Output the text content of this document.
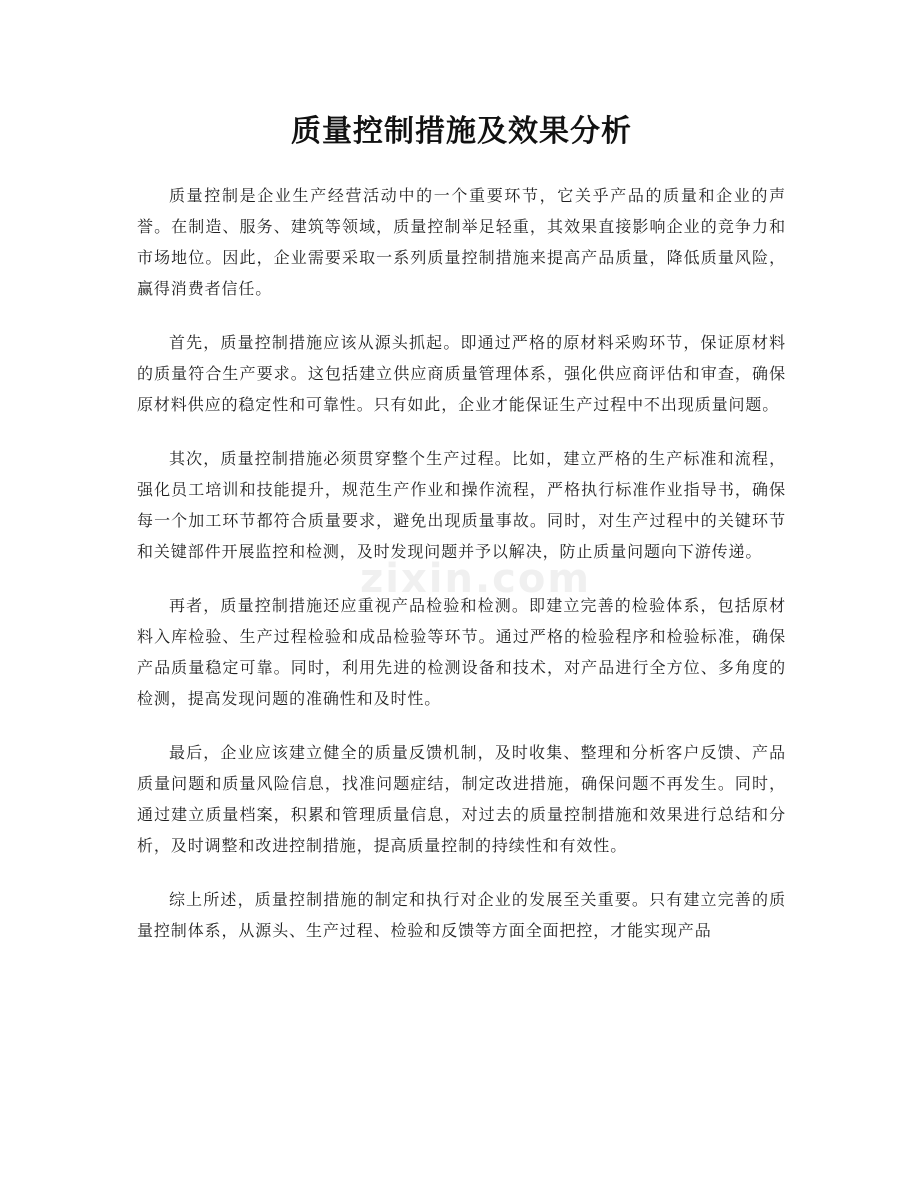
质量控制措施及效果分析

质量控制是企业生产经营活动中的一个重要环节，它关乎产品的质量和企业的声誉。在制造、服务、建筑等领域，质量控制举足轻重，其效果直接影响企业的竞争力和市场地位。因此，企业需要采取一系列质量控制措施来提高产品质量，降低质量风险，赢得消费者信任。

首先，质量控制措施应该从源头抓起。即通过严格的原材料采购环节，保证原材料的质量符合生产要求。这包括建立供应商质量管理体系，强化供应商评估和审查，确保原材料供应的稳定性和可靠性。只有如此，企业才能保证生产过程中不出现质量问题。

其次，质量控制措施必须贯穿整个生产过程。比如，建立严格的生产标准和流程，强化员工培训和技能提升，规范生产作业和操作流程，严格执行标准作业指导书，确保每一个加工环节都符合质量要求，避免出现质量事故。同时，对生产过程中的关键环节和关键部件开展监控和检测，及时发现问题并予以解决，防止质量问题向下游传递。

再者，质量控制措施还应重视产品检验和检测。即建立完善的检验体系，包括原材料入库检验、生产过程检验和成品检验等环节。通过严格的检验程序和检验标准，确保产品质量稳定可靠。同时，利用先进的检测设备和技术，对产品进行全方位、多角度的检测，提高发现问题的准确性和及时性。

最后，企业应该建立健全的质量反馈机制，及时收集、整理和分析客户反馈、产品质量问题和质量风险信息，找准问题症结，制定改进措施，确保问题不再发生。同时，通过建立质量档案，积累和管理质量信息，对过去的质量控制措施和效果进行总结和分析，及时调整和改进控制措施，提高质量控制的持续性和有效性。

综上所述，质量控制措施的制定和执行对企业的发展至关重要。只有建立完善的质量控制体系，从源头、生产过程、检验和反馈等方面全面把控，才能实现产品

zixin.com
